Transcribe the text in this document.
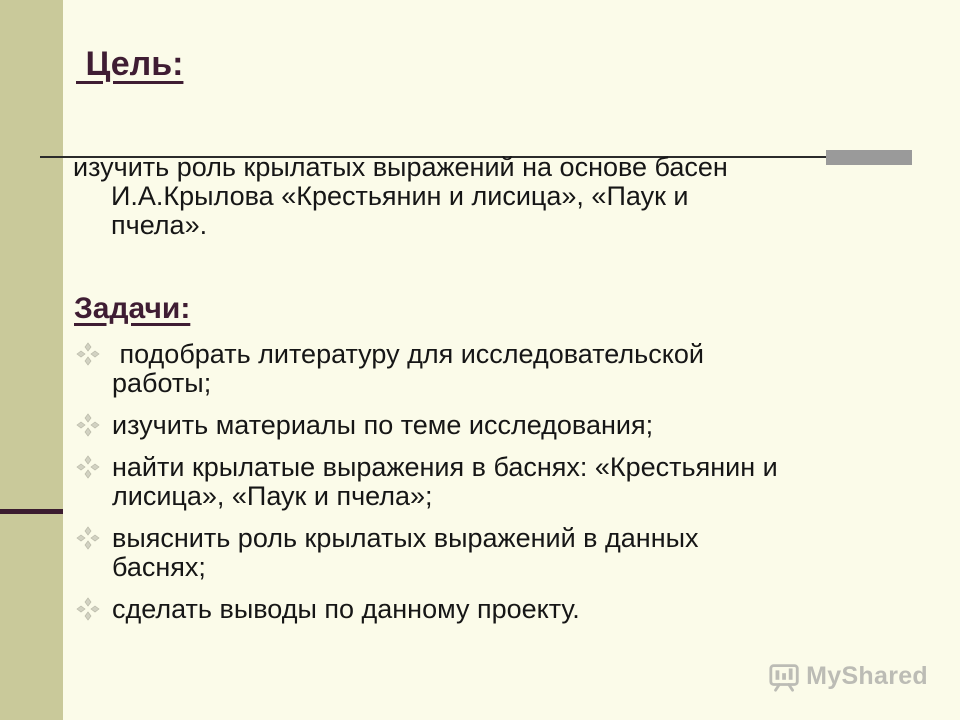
Цель:
изучить роль крылатых выражений на основе басен
И.А.Крылова «Крестьянин и лисица», «Паук и
пчела».
Задачи:
подобрать литературу для исследовательской
работы;
изучить материалы по теме исследования;
найти крылатые выражения в баснях: «Крестьянин и
лисица», «Паук и пчела»;
выяснить роль крылатых выражений в данных
баснях;
сделать выводы по данному проекту.
MyShared
